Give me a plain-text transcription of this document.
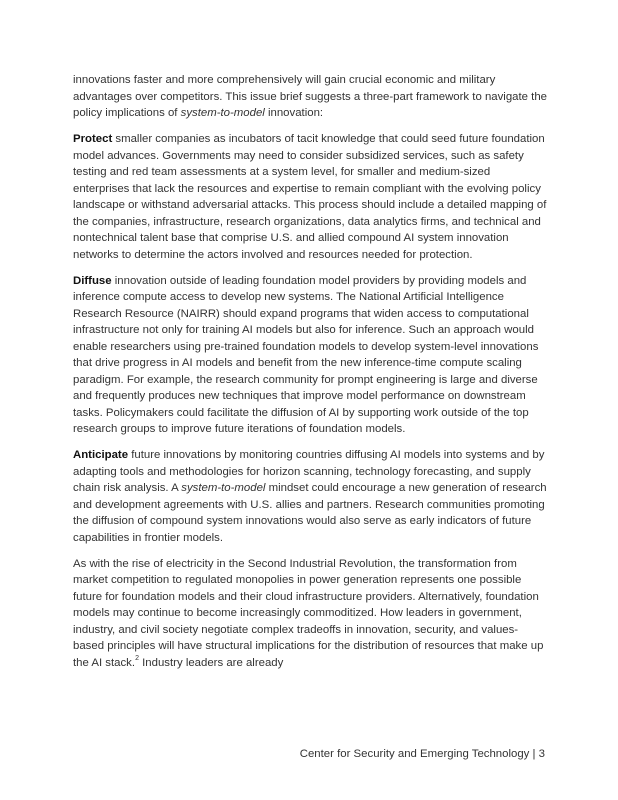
innovations faster and more comprehensively will gain crucial economic and military advantages over competitors. This issue brief suggests a three-part framework to navigate the policy implications of system-to-model innovation:

Protect smaller companies as incubators of tacit knowledge that could seed future foundation model advances. Governments may need to consider subsidized services, such as safety testing and red team assessments at a system level, for smaller and medium-sized enterprises that lack the resources and expertise to remain compliant with the evolving policy landscape or withstand adversarial attacks. This process should include a detailed mapping of the companies, infrastructure, research organizations, data analytics firms, and technical and nontechnical talent base that comprise U.S. and allied compound AI system innovation networks to determine the actors involved and resources needed for protection.

Diffuse innovation outside of leading foundation model providers by providing models and inference compute access to develop new systems. The National Artificial Intelligence Research Resource (NAIRR) should expand programs that widen access to computational infrastructure not only for training AI models but also for inference. Such an approach would enable researchers using pre-trained foundation models to develop system-level innovations that drive progress in AI models and benefit from the new inference-time compute scaling paradigm. For example, the research community for prompt engineering is large and diverse and frequently produces new techniques that improve model performance on downstream tasks. Policymakers could facilitate the diffusion of AI by supporting work outside of the top research groups to improve future iterations of foundation models.

Anticipate future innovations by monitoring countries diffusing AI models into systems and by adapting tools and methodologies for horizon scanning, technology forecasting, and supply chain risk analysis. A system-to-model mindset could encourage a new generation of research and development agreements with U.S. allies and partners. Research communities promoting the diffusion of compound system innovations would also serve as early indicators of future capabilities in frontier models.

As with the rise of electricity in the Second Industrial Revolution, the transformation from market competition to regulated monopolies in power generation represents one possible future for foundation models and their cloud infrastructure providers. Alternatively, foundation models may continue to become increasingly commoditized. How leaders in government, industry, and civil society negotiate complex tradeoffs in innovation, security, and values-based principles will have structural implications for the distribution of resources that make up the AI stack.$^2$ Industry leaders are already

Center for Security and Emerging Technology | 3
